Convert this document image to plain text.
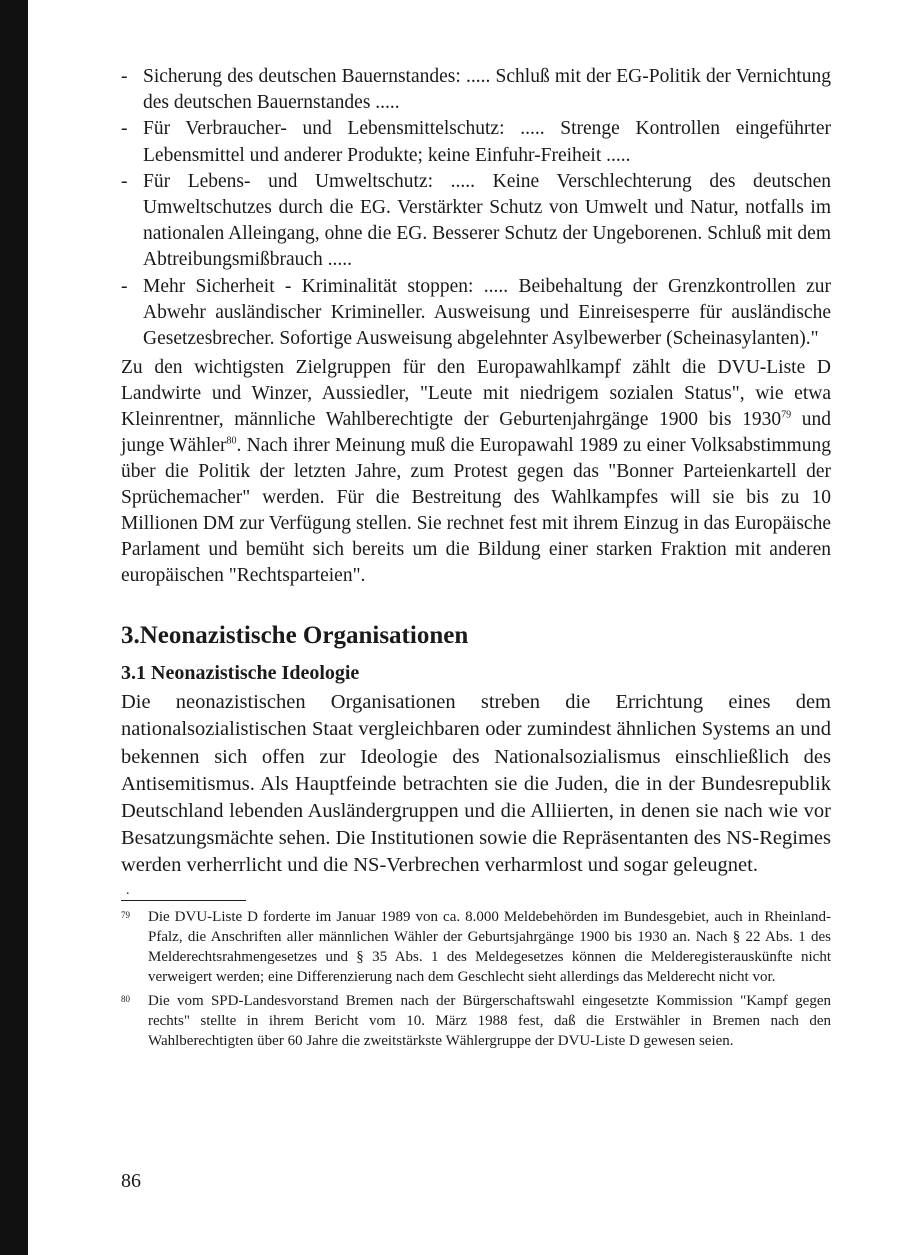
- Sicherung des deutschen Bauernstandes: ..... Schluß mit der EG-Politik der Vernichtung des deutschen Bauernstandes .....
- Für Verbraucher- und Lebensmittelschutz: ..... Strenge Kontrollen eingeführter Lebensmittel und anderer Produkte; keine Einfuhr-Freiheit .....
- Für Lebens- und Umweltschutz: ..... Keine Verschlechterung des deutschen Umweltschutzes durch die EG. Verstärkter Schutz von Umwelt und Natur, notfalls im nationalen Alleingang, ohne die EG. Besserer Schutz der Ungeborenen. Schluß mit dem Abtreibungsmißbrauch .....
- Mehr Sicherheit - Kriminalität stoppen: ..... Beibehaltung der Grenzkontrollen zur Abwehr ausländischer Krimineller. Ausweisung und Einreisesperre für ausländische Gesetzesbrecher. Sofortige Ausweisung abgelehnter Asylbewerber (Scheinasylanten)."

Zu den wichtigsten Zielgruppen für den Europawahlkampf zählt die DVU-Liste D Landwirte und Winzer, Aussiedler, "Leute mit niedrigem sozialen Status", wie etwa Kleinrentner, männliche Wahlberechtigte der Geburtenjahrgänge 1900 bis 1930$^{79}$ und junge Wähler$^{80}$. Nach ihrer Meinung muß die Europawahl 1989 zu einer Volksabstimmung über die Politik der letzten Jahre, zum Protest gegen das "Bonner Parteienkartell der Sprüchemacher" werden. Für die Bestreitung des Wahlkampfes will sie bis zu 10 Millionen DM zur Verfügung stellen. Sie rechnet fest mit ihrem Einzug in das Europäische Parlament und bemüht sich bereits um die Bildung einer starken Fraktion mit anderen europäischen "Rechtsparteien".

3.Neonazistische Organisationen
3.1 Neonazistische Ideologie

Die neonazistischen Organisationen streben die Errichtung eines dem nationalsozialistischen Staat vergleichbaren oder zumindest ähnlichen Systems an und bekennen sich offen zur Ideologie des Nationalsozialismus einschließlich des Antisemitismus. Als Hauptfeinde betrachten sie die Juden, die in der Bundesrepublik Deutschland lebenden Ausländergruppen und die Alliierten, in denen sie nach wie vor Besatzungsmächte sehen. Die Institutionen sowie die Repräsentanten des NS-Regimes werden verherrlicht und die NS-Verbrechen verharmlost und sogar geleugnet.

.
79 Die DVU-Liste D forderte im Januar 1989 von ca. 8.000 Meldebehörden im Bundesgebiet, auch in Rheinland-Pfalz, die Anschriften aller männlichen Wähler der Geburtsjahrgänge 1900 bis 1930 an. Nach § 22 Abs. 1 des Melderechtsrahmengesetzes und § 35 Abs. 1 des Meldegesetzes können die Melderegisterauskünfte nicht verweigert werden; eine Differenzierung nach dem Geschlecht sieht allerdings das Melderecht nicht vor.
80 Die vom SPD-Landesvorstand Bremen nach der Bürgerschaftswahl eingesetzte Kommission "Kampf gegen rechts" stellte in ihrem Bericht vom 10. März 1988 fest, daß die Erstwähler in Bremen nach den Wahlberechtigten über 60 Jahre die zweitstärkste Wählergruppe der DVU-Liste D gewesen seien.
86
